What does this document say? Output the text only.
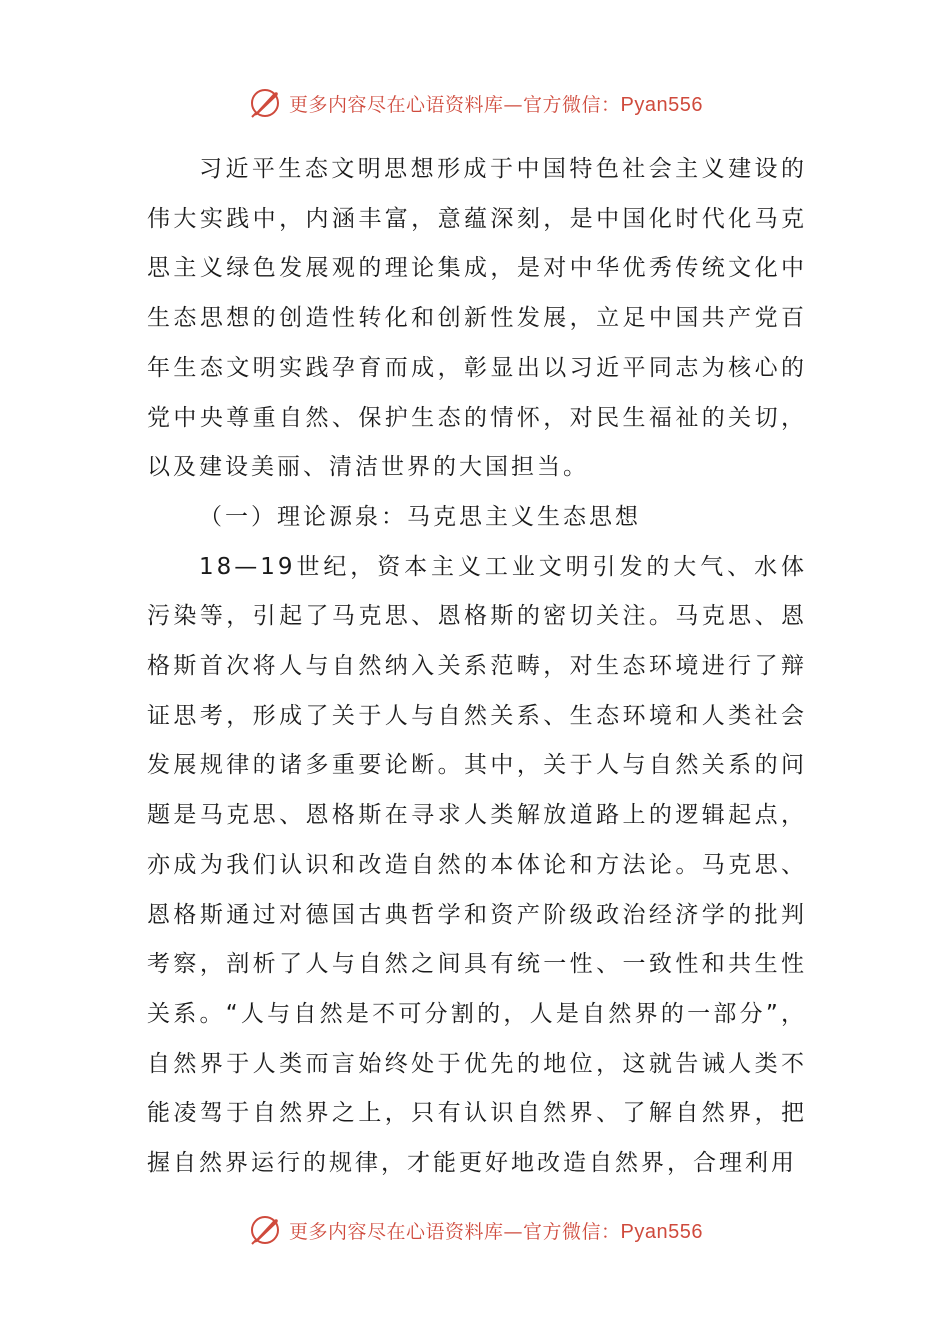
更多内容尽在心语资料库—官方微信：Pyan556

习近平生态文明思想形成于中国特色社会主义建设的伟大实践中，内涵丰富，意蕴深刻，是中国化时代化马克思主义绿色发展观的理论集成，是对中华优秀传统文化中生态思想的创造性转化和创新性发展，立足中国共产党百年生态文明实践孕育而成，彰显出以习近平同志为核心的党中央尊重自然、保护生态的情怀，对民生福祉的关切，以及建设美丽、清洁世界的大国担当。

（一）理论源泉：马克思主义生态思想

18—19世纪，资本主义工业文明引发的大气、水体污染等，引起了马克思、恩格斯的密切关注。马克思、恩格斯首次将人与自然纳入关系范畴，对生态环境进行了辩证思考，形成了关于人与自然关系、生态环境和人类社会发展规律的诸多重要论断。其中，关于人与自然关系的问题是马克思、恩格斯在寻求人类解放道路上的逻辑起点，亦成为我们认识和改造自然的本体论和方法论。马克思、恩格斯通过对德国古典哲学和资产阶级政治经济学的批判考察，剖析了人与自然之间具有统一性、一致性和共生性关系。“人与自然是不可分割的，人是自然界的一部分”，自然界于人类而言始终处于优先的地位，这就告诫人类不能凌驾于自然界之上，只有认识自然界、了解自然界，把握自然界运行的规律，才能更好地改造自然界，合理利用

更多内容尽在心语资料库—官方微信：Pyan556
